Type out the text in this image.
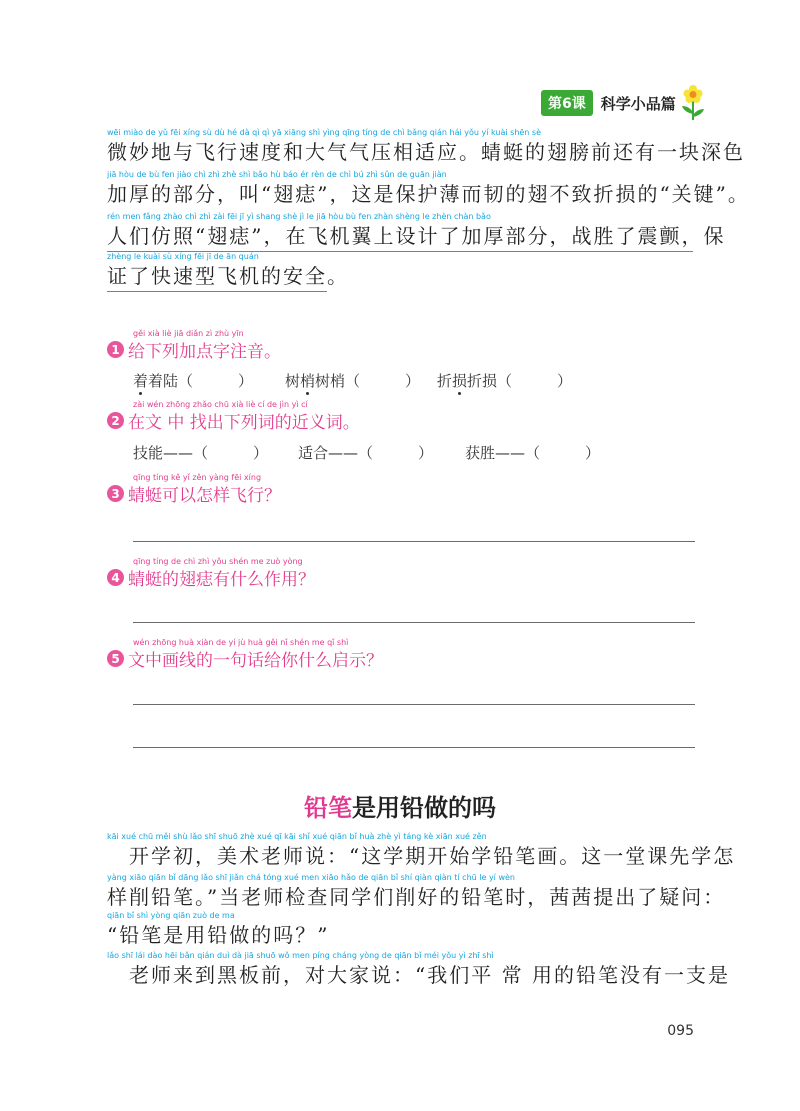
第6课	科学小品篇
wēi miào de yǔ fēi xíng sù dù hé dà qì qì yā xiāng shì yìng qīng tíng de chì bǎng qián hái yǒu yí kuài shēn sè
微妙地与飞行速度和大气气压相适应。蜻蜓的翅膀前还有一块深色
jiā hòu de bù fen jiào chì zhì zhè shì bǎo hù báo ér rèn de chì bú zhì sǔn de guān jiàn
加厚的部分，叫“翅痣”，这是保护薄而韧的翅不致折损的“关键”。
rén men fǎng zhào chì zhì zài fēi jī yì shang shè jì le jiā hòu bù fen zhàn shèng le zhèn chàn bǎo
人们仿照“翅痣”，在飞机翼上设计了加厚部分，战胜了震颤，保
zhèng le kuài sù xíng fēi jī de ān quán
证了快速型飞机的安全。
gěi xià liè jiā diǎn zì zhù yīn
1 给下列加点字注音。
着着陆（　　　） 树梢树梢（　　　） 折损折损（　　　）
zài wén zhōng zhǎo chū xià liè cí de jìn yì cí
2 在文 中 找出下列词的近义词。
技能——（　　　） 适合——（　　　） 获胜——（　　　）
qīng tíng kě yǐ zěn yàng fēi xíng
3 蜻蜓可以怎样飞行？
qīng tíng de chì zhì yǒu shén me zuò yòng
4 蜻蜓的翅痣有什么作用？
wén zhōng huà xiàn de yí jù huà gěi nǐ shén me qǐ shì
5 文中画线的一句话给你什么启示？
铅笔是用铅做的吗
kāi xué chū měi shù lǎo shī shuō zhè xué qī kāi shǐ xué qiān bǐ huà zhè yì táng kè xiān xué zěn
　开学初，美术老师说：“这学期开始学铅笔画。这一堂课先学怎
yàng xiāo qiān bǐ dāng lǎo shī jiǎn chá tóng xué men xiāo hǎo de qiān bǐ shí qiàn qiàn tí chū le yí wèn
样削铅笔。”当老师检查同学们削好的铅笔时，茜茜提出了疑问：
qiān bǐ shì yòng qiān zuò de ma
“铅笔是用铅做的吗？”
lǎo shī lái dào hēi bǎn qián duì dà jiā shuō wǒ men píng cháng yòng de qiān bǐ méi yǒu yì zhī shì
　老师来到黑板前，对大家说：“我们平 常 用的铅笔没有一支是
095
